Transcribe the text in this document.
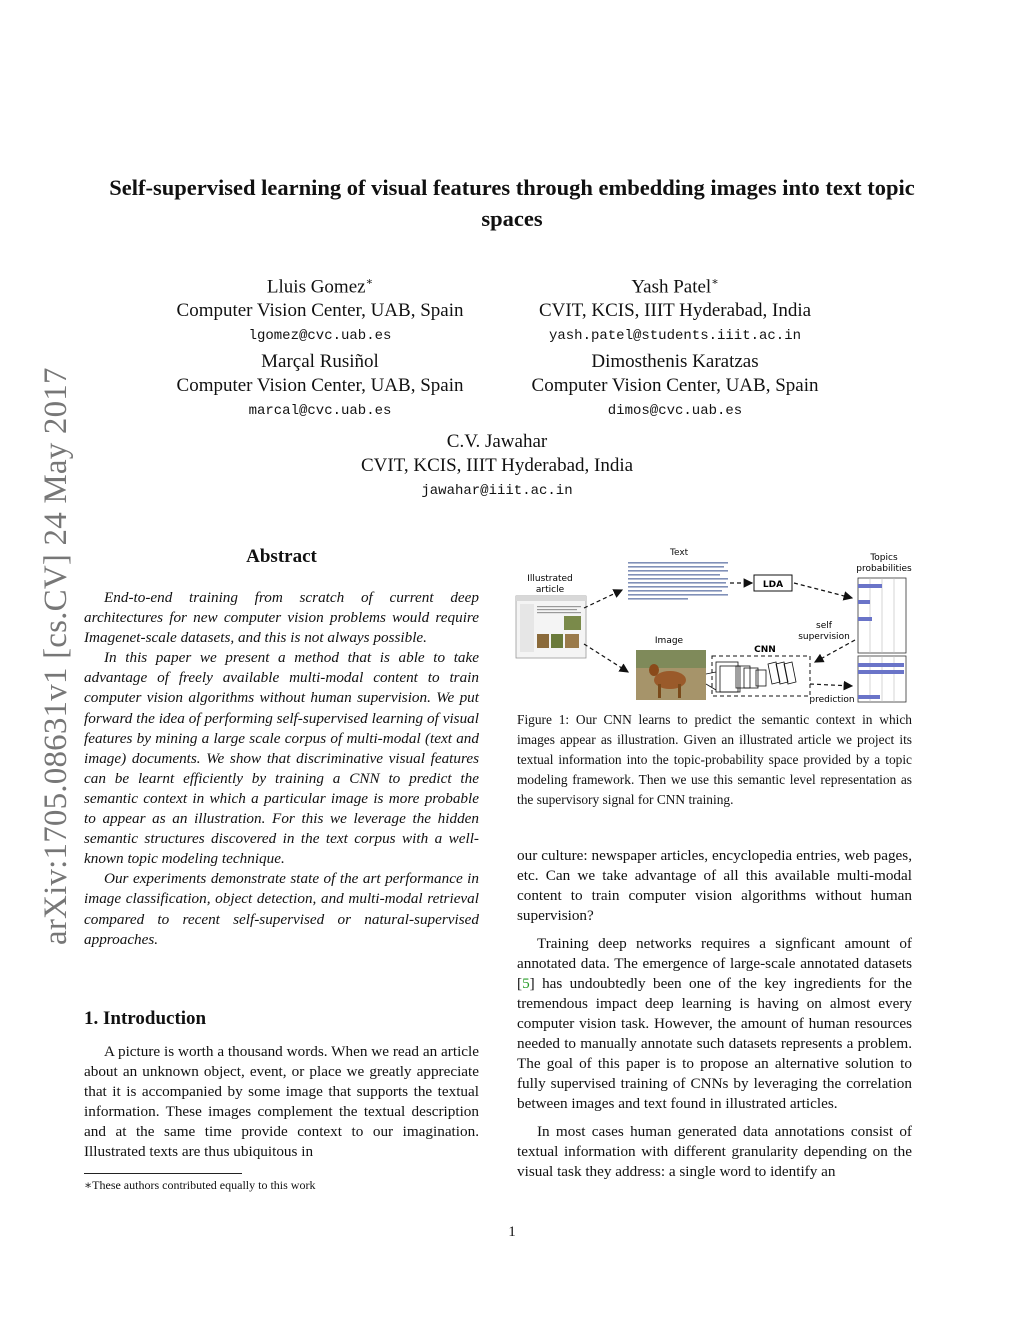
arXiv:1705.08631v1 [cs.CV] 24 May 2017
Self-supervised learning of visual features through embedding images into text topic spaces
Lluis Gomez∗
Computer Vision Center, UAB, Spain
lgomez@cvc.uab.es
Yash Patel∗
CVIT, KCIS, IIIT Hyderabad, India
yash.patel@students.iiit.ac.in
Marçal Rusiñol
Computer Vision Center, UAB, Spain
marcal@cvc.uab.es
Dimosthenis Karatzas
Computer Vision Center, UAB, Spain
dimos@cvc.uab.es
C.V. Jawahar
CVIT, KCIS, IIIT Hyderabad, India
jawahar@iiit.ac.in
Abstract

End-to-end training from scratch of current deep architectures for new computer vision problems would require Imagenet-scale datasets, and this is not always possible.

In this paper we present a method that is able to take advantage of freely available multi-modal content to train computer vision algorithms without human supervision. We put forward the idea of performing self-supervised learning of visual features by mining a large scale corpus of multi-modal (text and image) documents. We show that discriminative visual features can be learnt efficiently by training a CNN to predict the semantic context in which a particular image is more probable to appear as an illustration. For this we leverage the hidden semantic structures discovered in the text corpus with a well-known topic modeling technique.

Our experiments demonstrate state of the art performance in image classification, object detection, and multi-modal retrieval compared to recent self-supervised or natural-supervised approaches.

1. Introduction

A picture is worth a thousand words. When we read an article about an unknown object, event, or place we greatly appreciate that it is accompanied by some image that supports the textual information. These images complement the textual description and at the same time provide context to our imagination. Illustrated texts are thus ubiquitous in

∗These authors contributed equally to this work
Text
Illustrated
article	LDA
Topics
probabilities
self
supervision
Image
CNN
prediction
Figure 1: Our CNN learns to predict the semantic context in which images appear as illustration. Given an illustrated article we project its textual information into the topic-probability space provided by a topic modeling framework. Then we use this semantic level representation as the supervisory signal for CNN training.

our culture: newspaper articles, encyclopedia entries, web pages, etc. Can we take advantage of all this available multi-modal content to train computer vision algorithms without human supervision?

Training deep networks requires a signficant amount of annotated data. The emergence of large-scale annotated datasets [5] has undoubtedly been one of the key ingredients for the tremendous impact deep learning is having on almost every computer vision task. However, the amount of human resources needed to manually annotate such datasets represents a problem. The goal of this paper is to propose an alternative solution to fully supervised training of CNNs by leveraging the correlation between images and text found in illustrated articles.

In most cases human generated data annotations consist of textual information with different granularity depending on the visual task they address: a single word to identify an

1
